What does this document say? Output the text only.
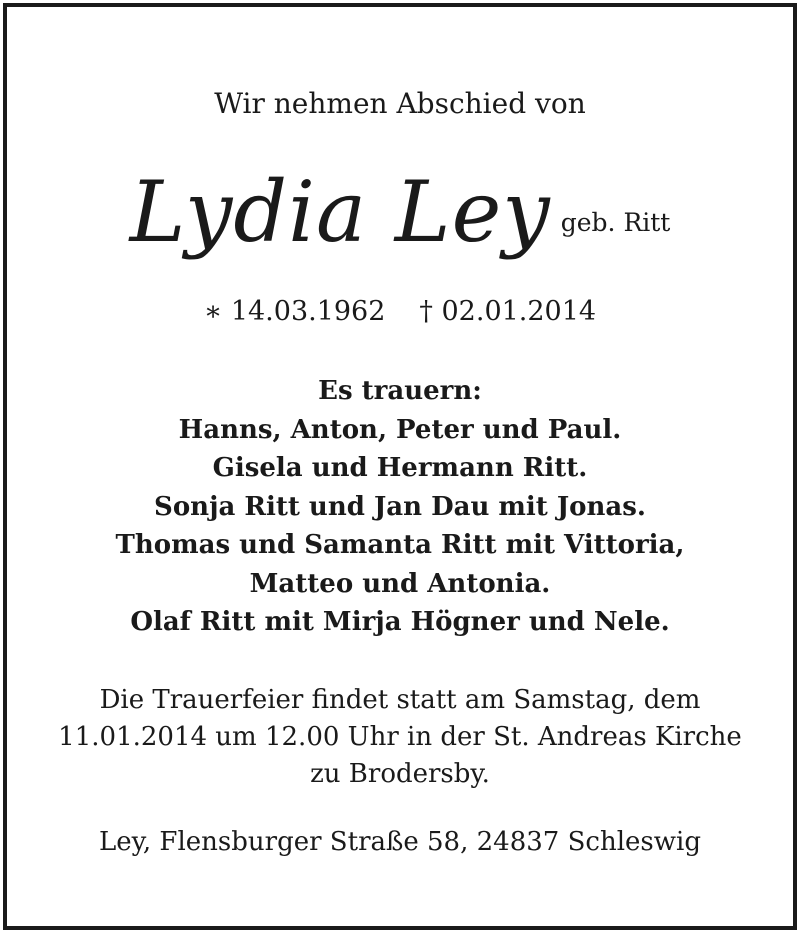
Wir nehmen Abschied von
Lydia Ley geb. Ritt
∗ 14.03.1962 † 02.01.2014
Es trauern:
Hanns, Anton, Peter und Paul.
Gisela und Hermann Ritt.
Sonja Ritt und Jan Dau mit Jonas.
Thomas und Samanta Ritt mit Vittoria,
Matteo und Antonia.
Olaf Ritt mit Mirja Högner und Nele.
Die Trauerfeier findet statt am Samstag, dem
11.01.2014 um 12.00 Uhr in der St. Andreas Kirche
zu Brodersby.
Ley, Flensburger Straße 58, 24837 Schleswig
